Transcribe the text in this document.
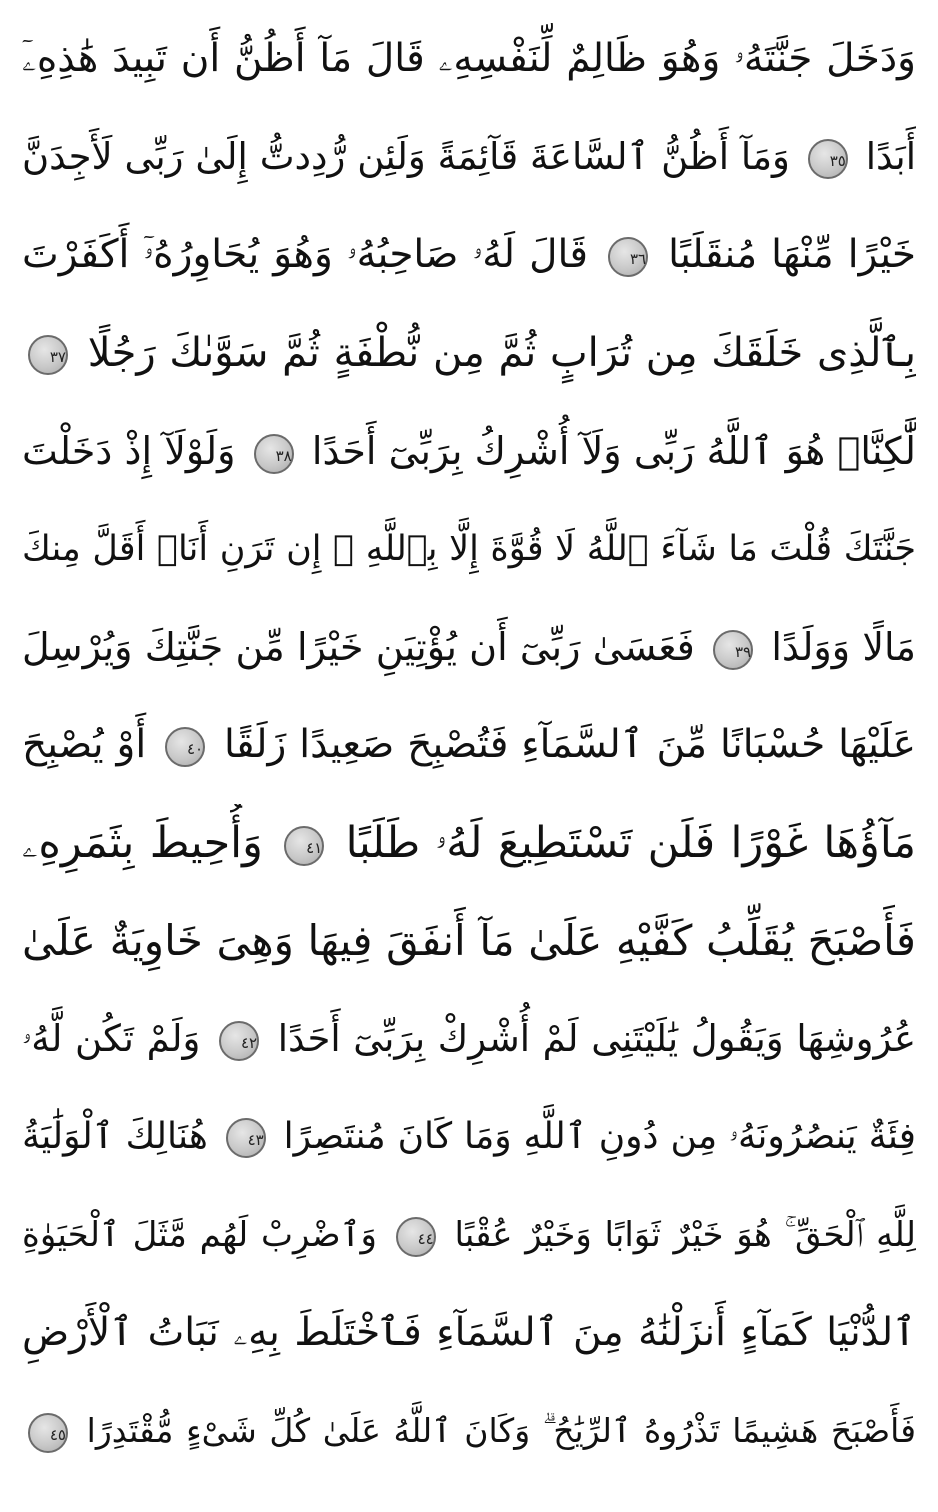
وَدَخَلَ جَنَّتَهُۥ وَهُوَ ظَالِمٌ لِّنَفْسِهِۦ قَالَ مَآ أَظُنُّ أَن تَبِيدَ هَٰذِهِۦٓ
أَبَدًا ٣٥ وَمَآ أَظُنُّ ٱلسَّاعَةَ قَآئِمَةً وَلَئِن رُّدِدتُّ إِلَىٰ رَبِّى لَأَجِدَنَّ
خَيْرًا مِّنْهَا مُنقَلَبًا ٣٦ قَالَ لَهُۥ صَاحِبُهُۥ وَهُوَ يُحَاوِرُهُۥٓ أَكَفَرْتَ
بِٱلَّذِى خَلَقَكَ مِن تُرَابٍ ثُمَّ مِن نُّطْفَةٍ ثُمَّ سَوَّىٰكَ رَجُلًا ٣٧
لَّٰكِنَّا۠ هُوَ ٱللَّهُ رَبِّى وَلَآ أُشْرِكُ بِرَبِّىٓ أَحَدًا ٣٨ وَلَوْلَآ إِذْ دَخَلْتَ
جَنَّتَكَ قُلْتَ مَا شَآءَ ٱللَّهُ لَا قُوَّةَ إِلَّا بِٱللَّهِ ۚ إِن تَرَنِ أَنَا۠ أَقَلَّ مِنكَ
مَالًا وَوَلَدًا ٣٩ فَعَسَىٰ رَبِّىٓ أَن يُؤْتِيَنِ خَيْرًا مِّن جَنَّتِكَ وَيُرْسِلَ
عَلَيْهَا حُسْبَانًا مِّنَ ٱلسَّمَآءِ فَتُصْبِحَ صَعِيدًا زَلَقًا ٤٠ أَوْ يُصْبِحَ
مَآؤُهَا غَوْرًا فَلَن تَسْتَطِيعَ لَهُۥ طَلَبًا ٤١ وَأُحِيطَ بِثَمَرِهِۦ
فَأَصْبَحَ يُقَلِّبُ كَفَّيْهِ عَلَىٰ مَآ أَنفَقَ فِيهَا وَهِىَ خَاوِيَةٌ عَلَىٰ
عُرُوشِهَا وَيَقُولُ يَٰلَيْتَنِى لَمْ أُشْرِكْ بِرَبِّىٓ أَحَدًا ٤٢ وَلَمْ تَكُن لَّهُۥ
فِئَةٌ يَنصُرُونَهُۥ مِن دُونِ ٱللَّهِ وَمَا كَانَ مُنتَصِرًا ٤٣ هُنَالِكَ ٱلْوَلَٰيَةُ
لِلَّهِ ٱلْحَقِّ ۚ هُوَ خَيْرٌ ثَوَابًا وَخَيْرٌ عُقْبًا ٤٤ وَٱضْرِبْ لَهُم مَّثَلَ ٱلْحَيَوٰةِ
ٱلدُّنْيَا كَمَآءٍ أَنزَلْنَٰهُ مِنَ ٱلسَّمَآءِ فَٱخْتَلَطَ بِهِۦ نَبَاتُ ٱلْأَرْضِ
فَأَصْبَحَ هَشِيمًا تَذْرُوهُ ٱلرِّيَٰحُ ۗ وَكَانَ ٱللَّهُ عَلَىٰ كُلِّ شَىْءٍ مُّقْتَدِرًا ٤٥
